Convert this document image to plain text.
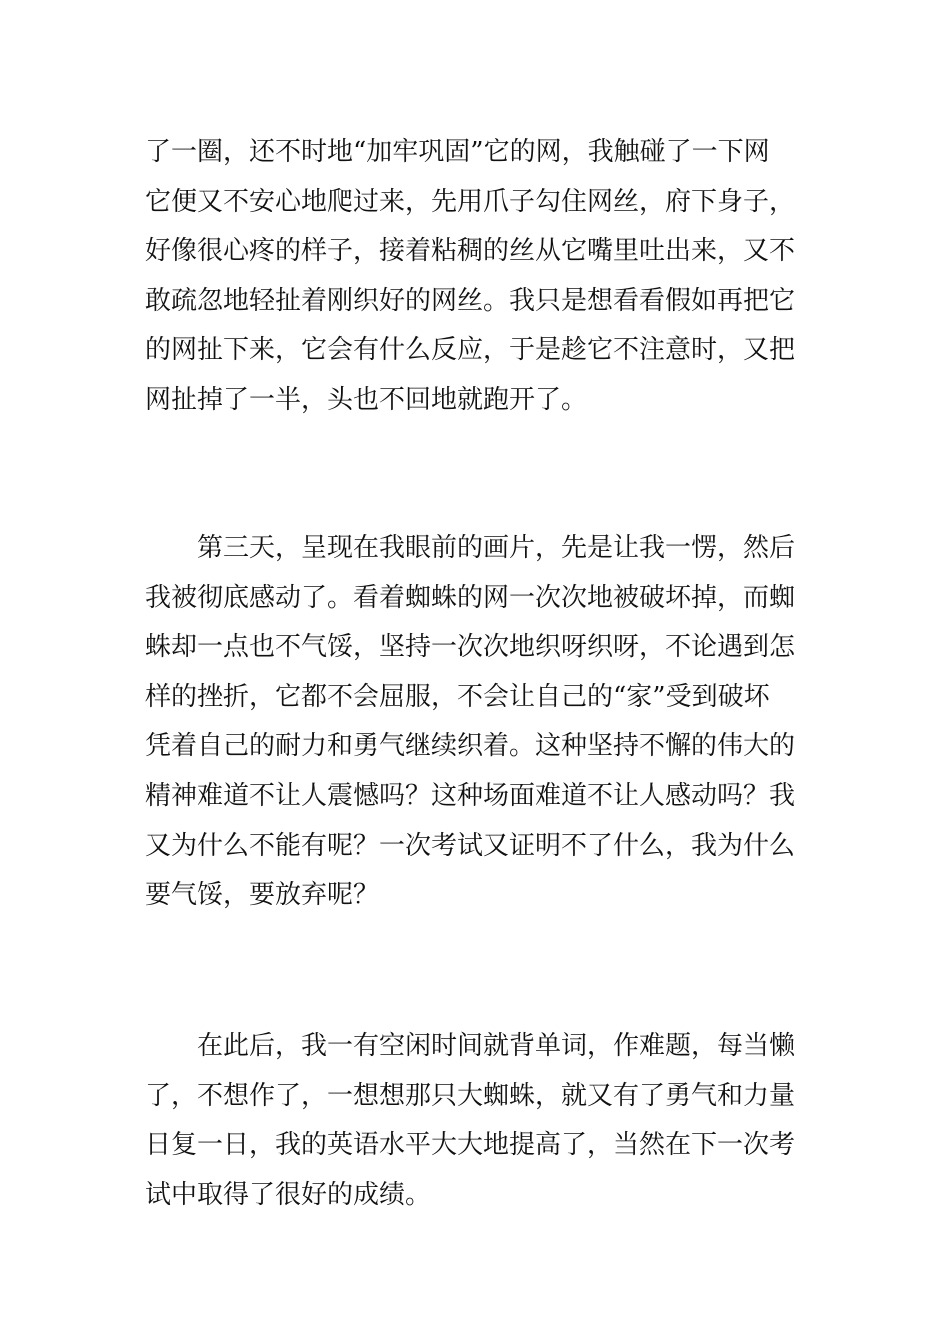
了一圈，还不时地“加牢巩固”它的网，我触碰了一下网
它便又不安心地爬过来，先用爪子勾住网丝，府下身子，
好像很心疼的样子，接着粘稠的丝从它嘴里吐出来，又不
敢疏忽地轻扯着刚织好的网丝。我只是想看看假如再把它
的网扯下来，它会有什么反应，于是趁它不注意时，又把
网扯掉了一半，头也不回地就跑开了。
　　第三天，呈现在我眼前的画片，先是让我一愣，然后
我被彻底感动了。看着蜘蛛的网一次次地被破坏掉，而蜘
蛛却一点也不气馁，坚持一次次地织呀织呀，不论遇到怎
样的挫折，它都不会屈服，不会让自己的“家”受到破坏
凭着自己的耐力和勇气继续织着。这种坚持不懈的伟大的
精神难道不让人震憾吗？这种场面难道不让人感动吗？我
又为什么不能有呢？一次考试又证明不了什么，我为什么
要气馁，要放弃呢？
　　在此后，我一有空闲时间就背单词，作难题，每当懒
了，不想作了，一想想那只大蜘蛛，就又有了勇气和力量
日复一日，我的英语水平大大地提高了，当然在下一次考
试中取得了很好的成绩。
